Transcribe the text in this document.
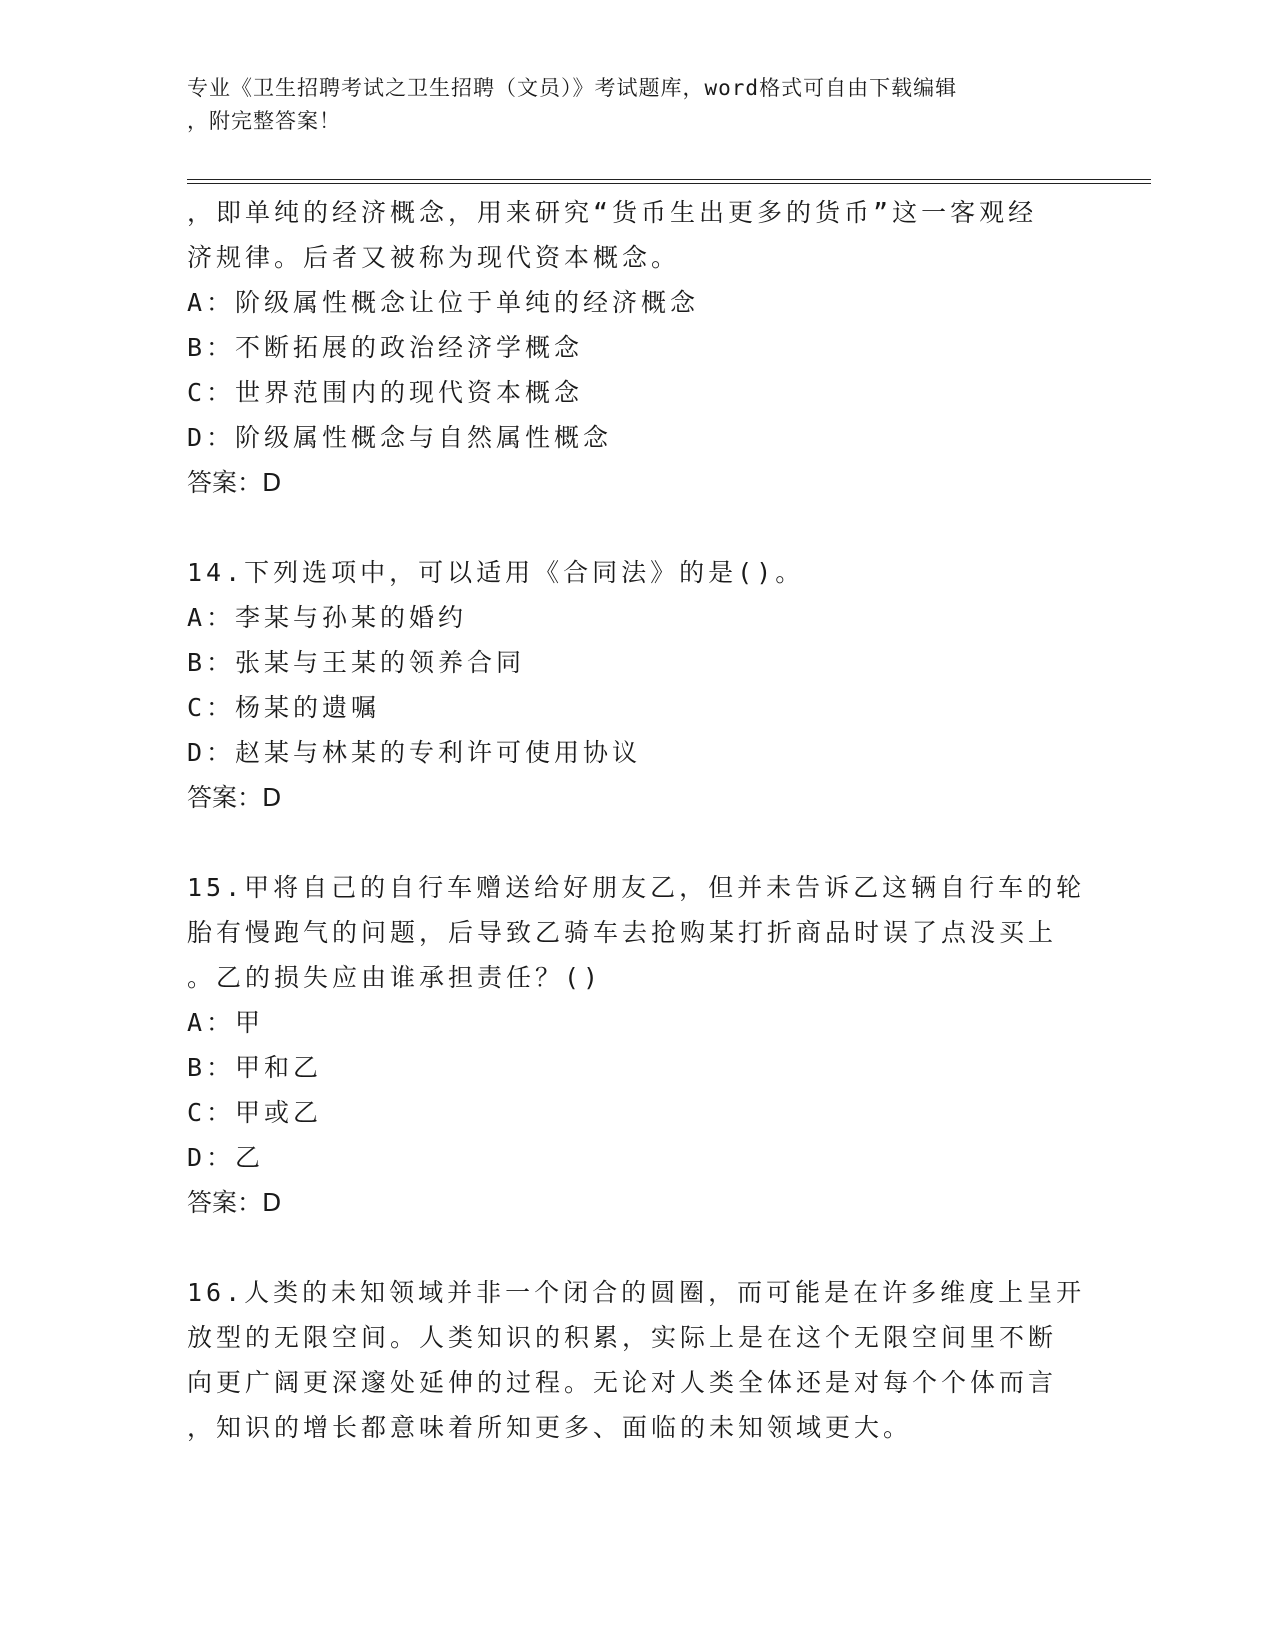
专业《卫生招聘考试之卫生招聘（文员）》考试题库，word格式可自由下载编辑
，附完整答案！
，即单纯的经济概念，用来研究“货币生出更多的货币”这一客观经
济规律。后者又被称为现代资本概念。
A：阶级属性概念让位于单纯的经济概念
B：不断拓展的政治经济学概念
C：世界范围内的现代资本概念
D：阶级属性概念与自然属性概念
答案：D
14.下列选项中，可以适用《合同法》的是()。
A：李某与孙某的婚约
B：张某与王某的领养合同
C：杨某的遗嘱
D：赵某与林某的专利许可使用协议
答案：D
15.甲将自己的自行车赠送给好朋友乙，但并未告诉乙这辆自行车的轮
胎有慢跑气的问题，后导致乙骑车去抢购某打折商品时误了点没买上
。乙的损失应由谁承担责任？()
A：甲
B：甲和乙
C：甲或乙
D：乙
答案：D
16.人类的未知领域并非一个闭合的圆圈，而可能是在许多维度上呈开
放型的无限空间。人类知识的积累，实际上是在这个无限空间里不断
向更广阔更深邃处延伸的过程。无论对人类全体还是对每个个体而言
，知识的增长都意味着所知更多、面临的未知领域更大。
